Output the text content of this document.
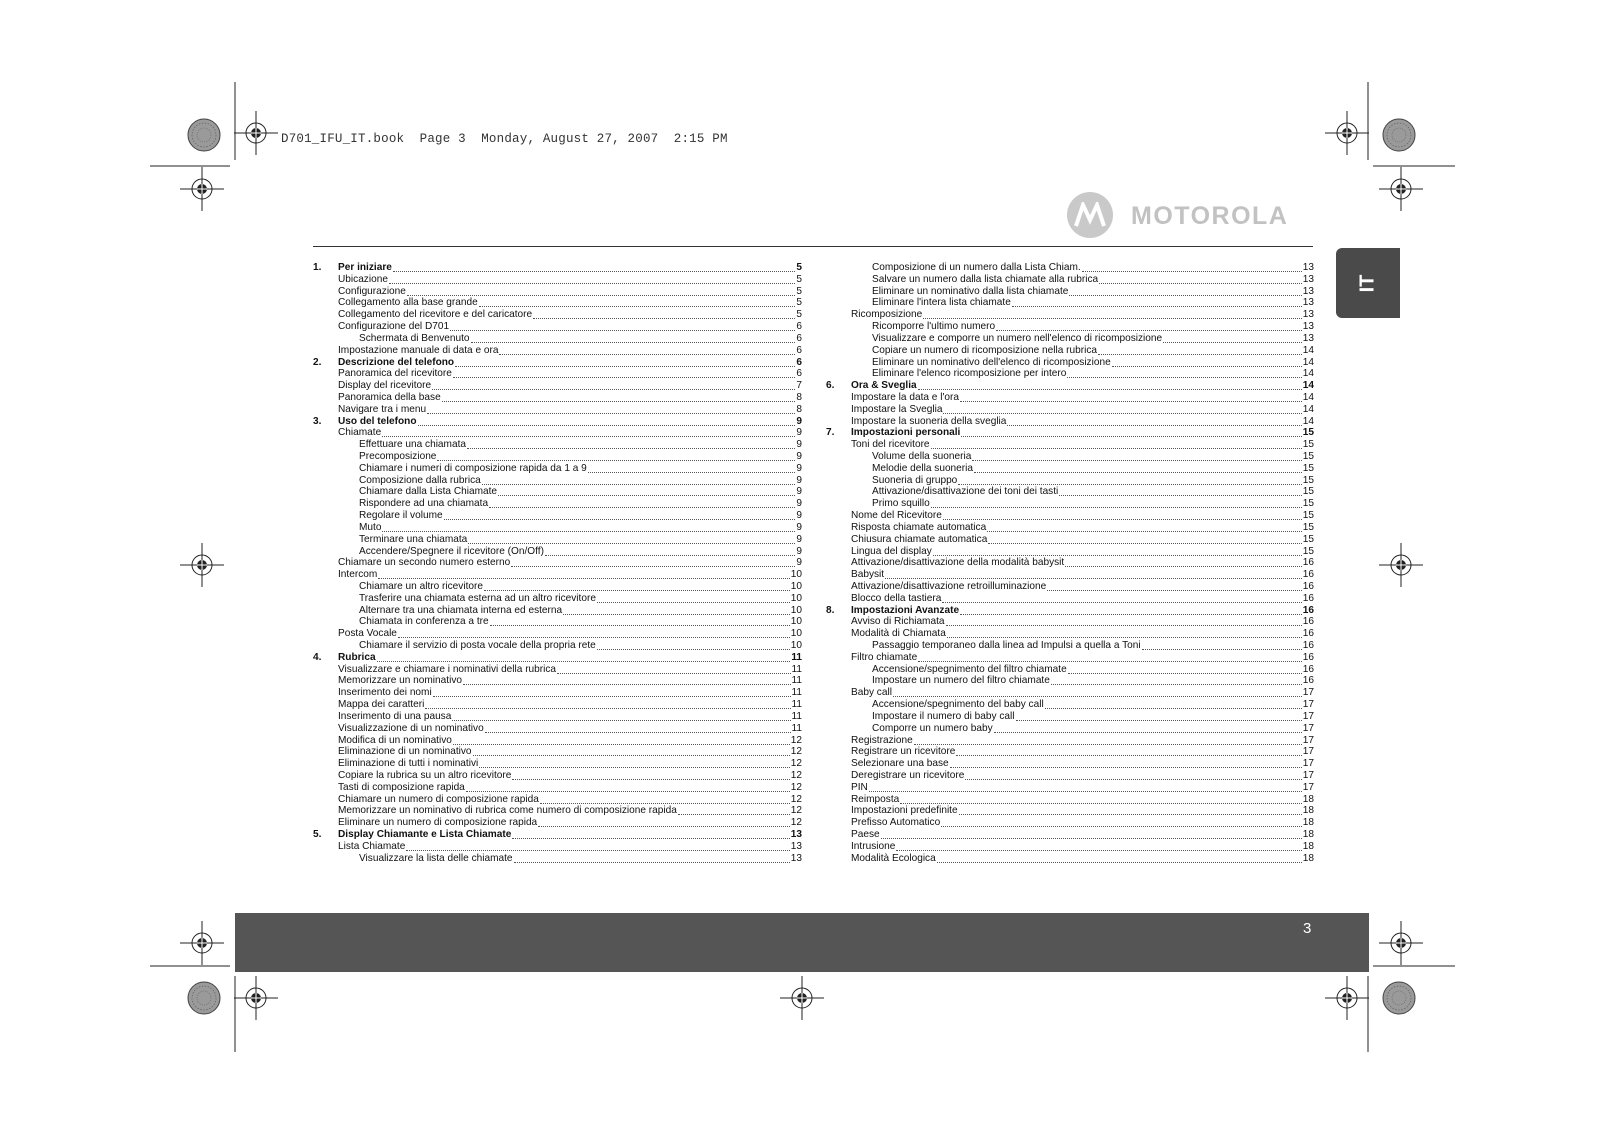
D701_IFU_IT.book  Page 3  Monday, August 27, 2007  2:15 PM
MOTOROLA
IT
1.	Per iniziare	5
Ubicazione	5
Configurazione	5
Collegamento alla base grande	5
Collegamento del ricevitore e del caricatore	5
Configurazione del D701	6
Schermata di Benvenuto	6
Impostazione manuale di data e ora	6
2.	Descrizione del telefono	6
Panoramica del ricevitore	6
Display del ricevitore	7
Panoramica della base	8
Navigare tra i menu	8
3.	Uso del telefono	9
Chiamate	9
Effettuare una chiamata	9
Precomposizione	9
Chiamare i numeri di composizione rapida da 1 a 9	9
Composizione dalla rubrica	9
Chiamare dalla Lista Chiamate	9
Rispondere ad una chiamata	9
Regolare il volume	9
Muto	9
Terminare una chiamata	9
Accendere/Spegnere il ricevitore (On/Off)	9
Chiamare un secondo numero esterno	9
Intercom	10
Chiamare un altro ricevitore	10
Trasferire una chiamata esterna ad un altro ricevitore	10
Alternare tra una chiamata interna ed esterna	10
Chiamata in conferenza a tre	10
Posta Vocale	10
Chiamare il servizio di posta vocale della propria rete	10
4.	Rubrica	11
Visualizzare e chiamare i nominativi della rubrica	11
Memorizzare un nominativo	11
Inserimento dei nomi	11
Mappa dei caratteri	11
Inserimento di una pausa	11
Visualizzazione di un nominativo	11
Modifica di un nominativo	12
Eliminazione di un nominativo	12
Eliminazione di tutti i nominativi	12
Copiare la rubrica su un altro ricevitore	12
Tasti di composizione rapida	12
Chiamare un numero di composizione rapida	12
Memorizzare un nominativo di rubrica come numero di composizione rapida	12
Eliminare un numero di composizione rapida	12
5.	Display Chiamante e Lista Chiamate	13
Lista Chiamate	13
Visualizzare la lista delle chiamate	13
Composizione di un numero dalla Lista Chiam.	13
Salvare un numero dalla lista chiamate alla rubrica	13
Eliminare un nominativo dalla lista chiamate	13
Eliminare l'intera lista chiamate	13
Ricomposizione	13
Ricomporre l'ultimo numero	13
Visualizzare e comporre un numero nell'elenco di ricomposizione	13
Copiare un numero di ricomposizione nella rubrica	14
Eliminare un nominativo dell'elenco di ricomposizione	14
Eliminare l'elenco ricomposizione per intero	14
6.	Ora & Sveglia	14
Impostare la data e l'ora	14
Impostare la Sveglia	14
Impostare la suoneria della sveglia	14
7.	Impostazioni personali	15
Toni del ricevitore	15
Volume della suoneria	15
Melodie della suoneria	15
Suoneria di gruppo	15
Attivazione/disattivazione dei toni dei tasti	15
Primo squillo	15
Nome del Ricevitore	15
Risposta chiamate automatica	15
Chiusura chiamate automatica	15
Lingua del display	15
Attivazione/disattivazione della modalità babysit	16
Babysit	16
Attivazione/disattivazione retroilluminazione	16
Blocco della tastiera	16
8.	Impostazioni Avanzate	16
Avviso di Richiamata	16
Modalità di Chiamata	16
Passaggio temporaneo dalla linea ad Impulsi a quella a Toni	16
Filtro chiamate	16
Accensione/spegnimento del filtro chiamate	16
Impostare un numero del filtro chiamate	16
Baby call	17
Accensione/spegnimento del baby call	17
Impostare il numero di baby call	17
Comporre un numero baby	17
Registrazione	17
Registrare un ricevitore	17
Selezionare una base	17
Deregistrare un ricevitore	17
PIN	17
Reimposta	18
Impostazioni predefinite	18
Prefisso Automatico	18
Paese	18
Intrusione	18
Modalità Ecologica	18
3
